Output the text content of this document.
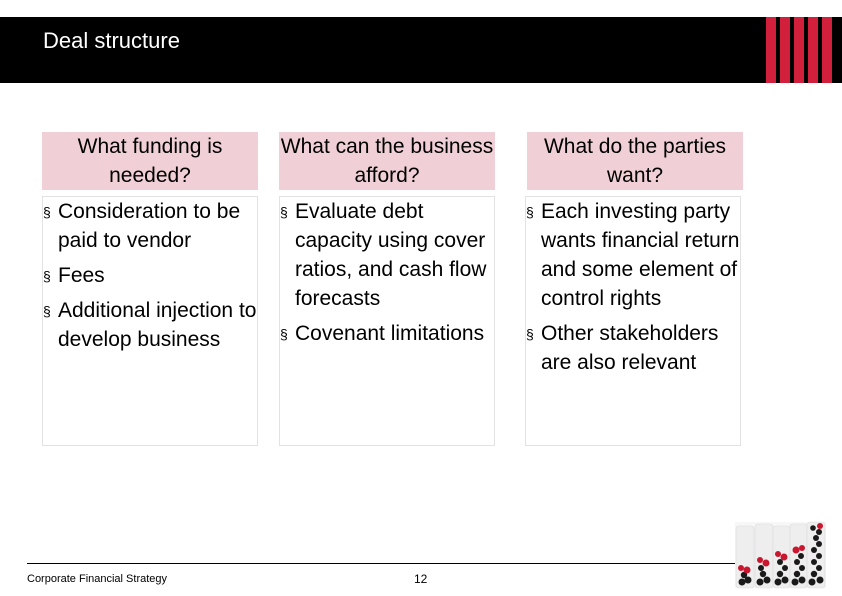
Deal structure
What funding is needed?
§ Consideration to be paid to vendor
§ Fees
§ Additional injection to develop business
What can the business afford?
§ Evaluate debt capacity using cover ratios, and cash flow forecasts
§ Covenant limitations
What do the parties want?
§ Each investing party wants financial return and some element of control rights
§ Other stakeholders are also relevant
Corporate Financial Strategy	12
